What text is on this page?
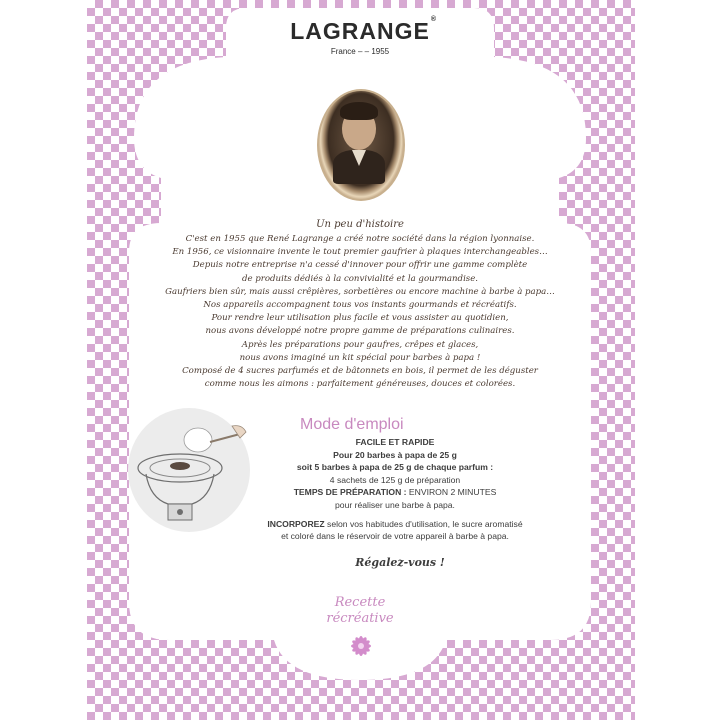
LAGRANGE ®
France – – 1955
Un peu d'histoire
C'est en 1955 que René Lagrange a créé notre société dans la région lyonnaise.
En 1956, ce visionnaire invente le tout premier gaufrier à plaques interchangeables…
Depuis notre entreprise n'a cessé d'innover pour offrir une gamme complète
de produits dédiés à la convivialité et la gourmandise.
Gaufriers bien sûr, mais aussi crêpières, sorbetières ou encore machine à barbe à papa…
Nos appareils accompagnent tous vos instants gourmands et récréatifs.
Pour rendre leur utilisation plus facile et vous assister au quotidien,
nous avons développé notre propre gamme de préparations culinaires.
Après les préparations pour gaufres, crêpes et glaces,
nous avons imaginé un kit spécial pour barbes à papa !
Composé de 4 sucres parfumés et de bâtonnets en bois, il permet de les déguster
comme nous les aimons : parfaitement généreuses, douces et colorées.
Mode d'emploi
FACILE ET RAPIDE
Pour 20 barbes à papa de 25 g
soit 5 barbes à papa de 25 g de chaque parfum :
4 sachets de 125 g de préparation
TEMPS DE PRÉPARATION : ENVIRON 2 MINUTES
pour réaliser une barbe à papa.
INCORPOREZ selon vos habitudes d'utilisation, le sucre aromatisé
et coloré dans le réservoir de votre appareil à barbe à papa.
Régalez-vous !
Recette
récréative
